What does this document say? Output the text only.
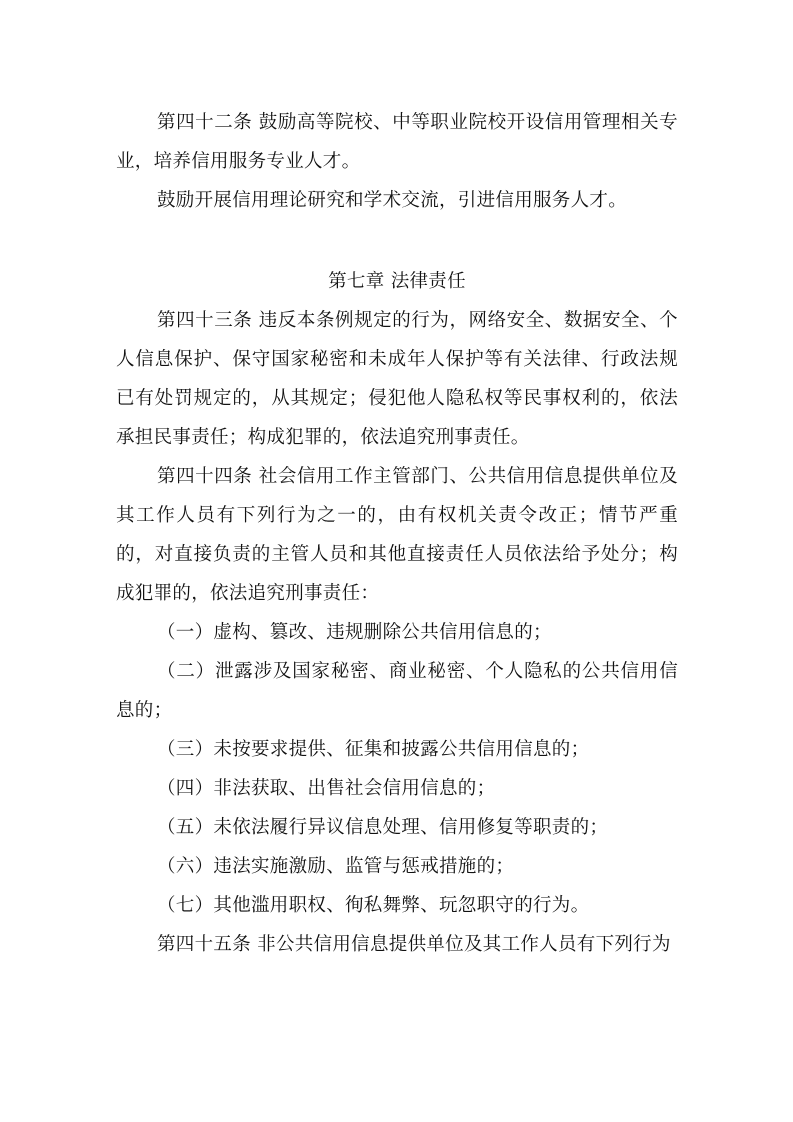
第四十二条 鼓励高等院校、中等职业院校开设信用管理相关专业，培养信用服务专业人才。

鼓励开展信用理论研究和学术交流，引进信用服务人才。

第七章 法律责任

第四十三条 违反本条例规定的行为，网络安全、数据安全、个人信息保护、保守国家秘密和未成年人保护等有关法律、行政法规已有处罚规定的，从其规定；侵犯他人隐私权等民事权利的，依法承担民事责任；构成犯罪的，依法追究刑事责任。

第四十四条 社会信用工作主管部门、公共信用信息提供单位及其工作人员有下列行为之一的，由有权机关责令改正；情节严重的，对直接负责的主管人员和其他直接责任人员依法给予处分；构成犯罪的，依法追究刑事责任：

（一）虚构、篡改、违规删除公共信用信息的；

（二）泄露涉及国家秘密、商业秘密、个人隐私的公共信用信息的；

（三）未按要求提供、征集和披露公共信用信息的；

（四）非法获取、出售社会信用信息的；

（五）未依法履行异议信息处理、信用修复等职责的；

（六）违法实施激励、监管与惩戒措施的；

（七）其他滥用职权、徇私舞弊、玩忽职守的行为。

第四十五条 非公共信用信息提供单位及其工作人员有下列行为
